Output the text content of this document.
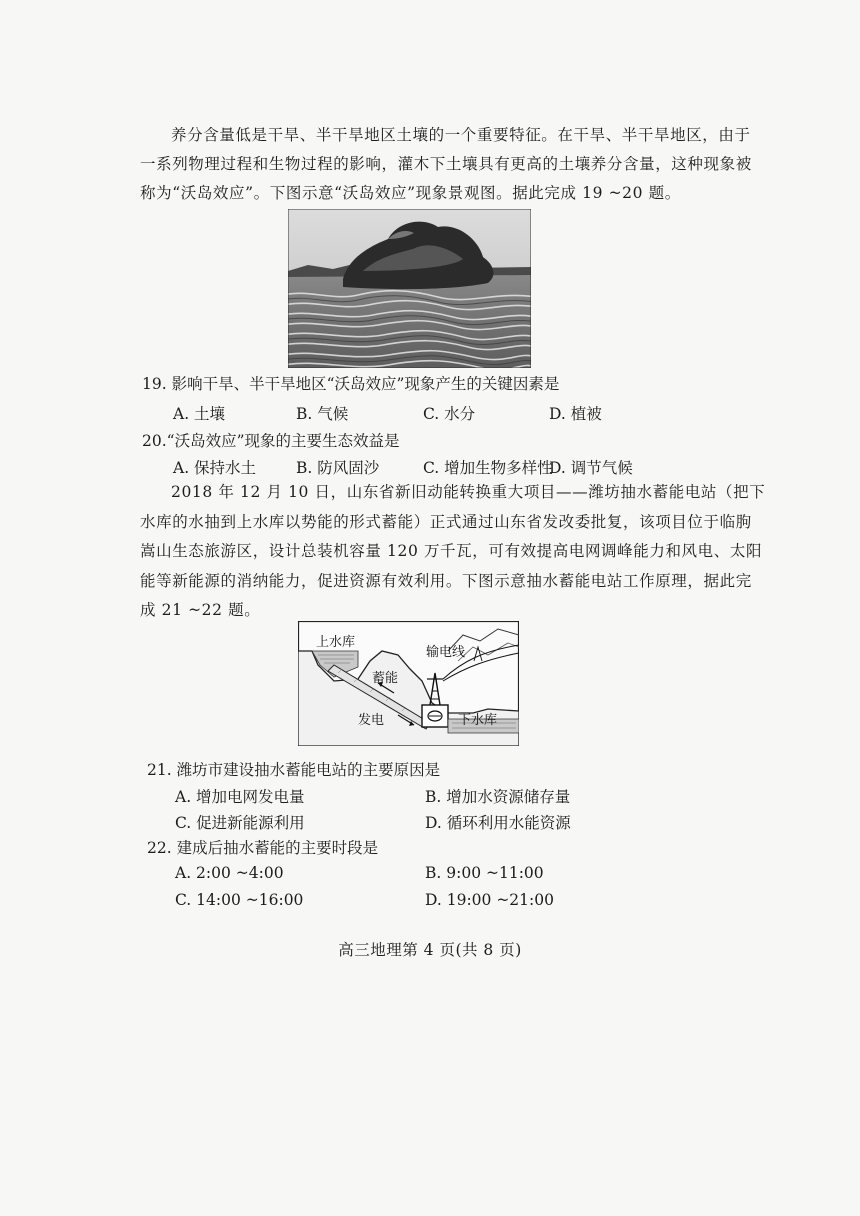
养分含量低是干旱、半干旱地区土壤的一个重要特征。在干旱、半干旱地区，由于
一系列物理过程和生物过程的影响，灌木下土壤具有更高的土壤养分含量，这种现象被
称为“沃岛效应”。下图示意“沃岛效应”现象景观图。据此完成 19 ~20 题。
19. 影响干旱、半干旱地区“沃岛效应”现象产生的关键因素是
A. 土壤	B. 气候	C. 水分	D. 植被
20.“沃岛效应”现象的主要生态效益是
A. 保持水土	B. 防风固沙	C. 增加生物多样性
D. 调节气候
2018 年 12 月 10 日，山东省新旧动能转换重大项目——潍坊抽水蓄能电站（把下
水库的水抽到上水库以势能的形式蓄能）正式通过山东省发改委批复，该项目位于临朐
嵩山生态旅游区，设计总装机容量 120 万千瓦，可有效提高电网调峰能力和风电、太阳
能等新能源的消纳能力，促进资源有效利用。下图示意抽水蓄能电站工作原理，据此完
成 21 ~22 题。
上水库
输电线
蓄能
发电	下水库
21. 潍坊市建设抽水蓄能电站的主要原因是
A. 增加电网发电量	B. 增加水资源储存量
C. 促进新能源利用	D. 循环利用水能资源
22. 建成后抽水蓄能的主要时段是
A. 2:00 ~4:00	B. 9:00 ~11:00
C. 14:00 ~16:00	D. 19:00 ~21:00
高三地理第 4 页(共 8 页)
